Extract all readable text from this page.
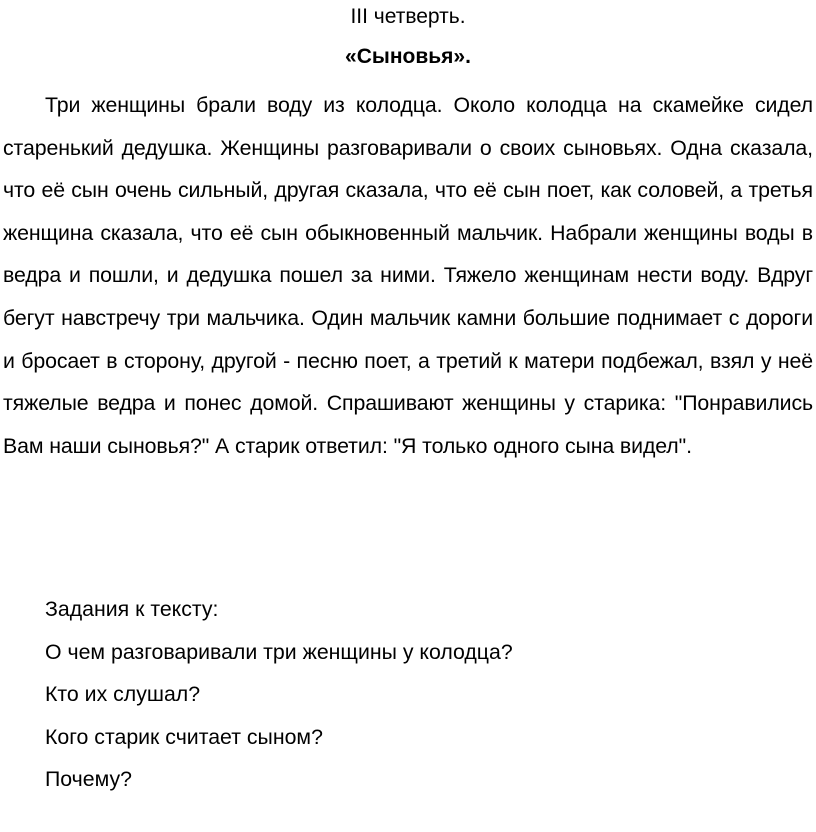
III четверть.
«Сыновья».

Три женщины брали воду из колодца. Около колодца на скамейке сидел старенький дедушка. Женщины разговаривали о своих сыновьях. Одна сказала, что её сын очень сильный, другая сказала, что её сын поет, как соловей, а третья женщина сказала, что её сын обыкновенный мальчик. Набрали женщины воды в ведра и пошли, и дедушка пошел за ними. Тяжело женщинам нести воду. Вдруг бегут навстречу три мальчика. Один мальчик камни большие поднимает с дороги и бросает в сторону, другой - песню поет, а третий к матери подбежал, взял у неё тяжелые ведра и понес домой. Спрашивают женщины у старика: "Понравились Вам наши сыновья?" А старик ответил: "Я только одного сына видел".

Задания к тексту:
О чем разговаривали три женщины у колодца?
Кто их слушал?
Кого старик считает сыном?
Почему?
